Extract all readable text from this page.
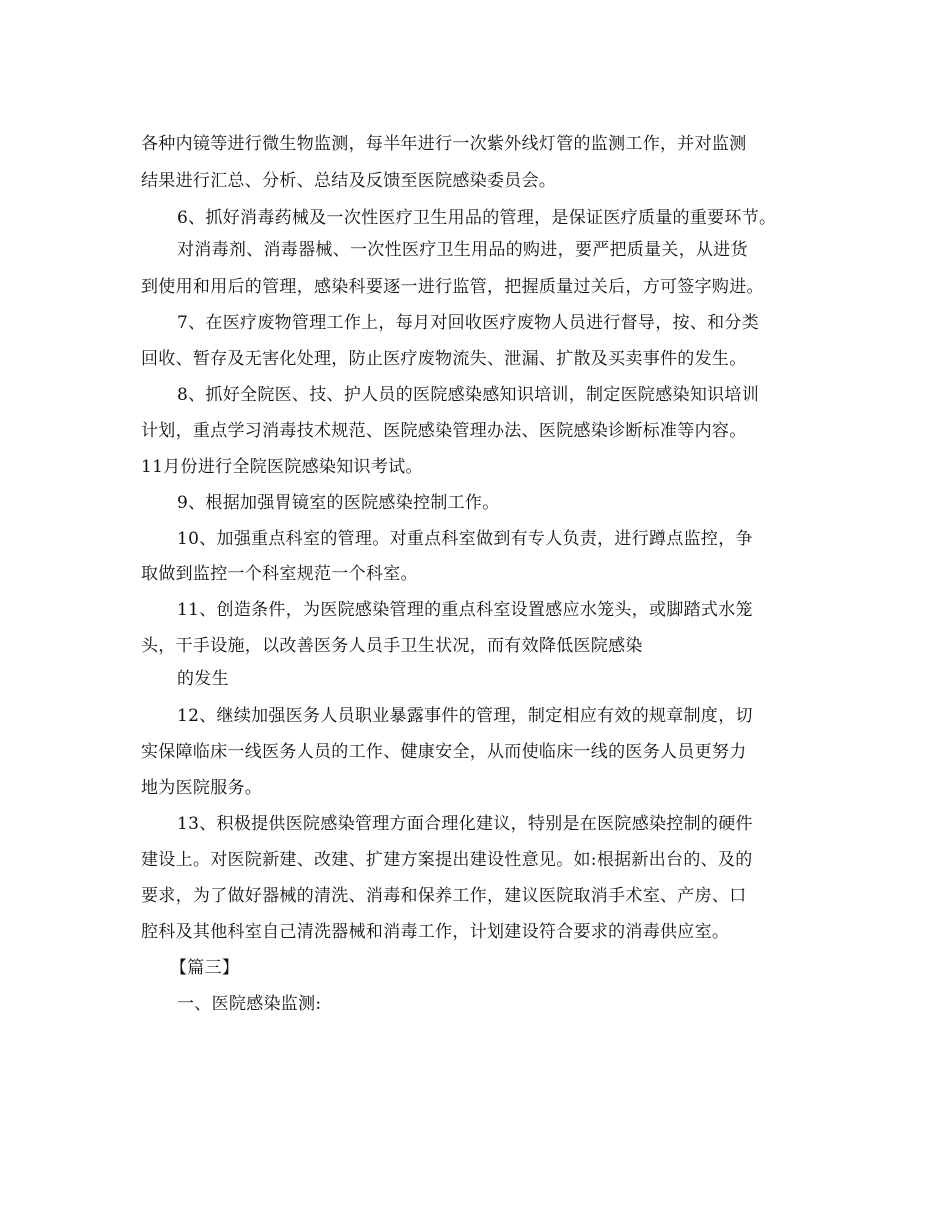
各种内镜等进行微生物监测，每半年进行一次紫外线灯管的监测工作，并对监测
结果进行汇总、分析、总结及反馈至医院感染委员会。
6、抓好消毒药械及一次性医疗卫生用品的管理，是保证医疗质量的重要环节。
对消毒剂、消毒器械、一次性医疗卫生用品的购进，要严把质量关，从进货
到使用和用后的管理，感染科要逐一进行监管，把握质量过关后，方可签字购进。
7、在医疗废物管理工作上，每月对回收医疗废物人员进行督导，按、和分类
回收、暂存及无害化处理，防止医疗废物流失、泄漏、扩散及买卖事件的发生。
8、抓好全院医、技、护人员的医院感染感知识培训，制定医院感染知识培训
计划，重点学习消毒技术规范、医院感染管理办法、医院感染诊断标准等内容。
11月份进行全院医院感染知识考试。
9、根据加强胃镜室的医院感染控制工作。
10、加强重点科室的管理。对重点科室做到有专人负责，进行蹲点监控，争
取做到监控一个科室规范一个科室。
11、创造条件，为医院感染管理的重点科室设置感应水笼头，或脚踏式水笼
头，干手设施，以改善医务人员手卫生状况，而有效降低医院感染
的发生
12、继续加强医务人员职业暴露事件的管理，制定相应有效的规章制度，切
实保障临床一线医务人员的工作、健康安全，从而使临床一线的医务人员更努力
地为医院服务。
13、积极提供医院感染管理方面合理化建议，特别是在医院感染控制的硬件
建设上。对医院新建、改建、扩建方案提出建设性意见。如:根据新出台的、及的
要求，为了做好器械的清洗、消毒和保养工作，建议医院取消手术室、产房、口
腔科及其他科室自己清洗器械和消毒工作，计划建设符合要求的消毒供应室。
【篇三】
一、医院感染监测:
